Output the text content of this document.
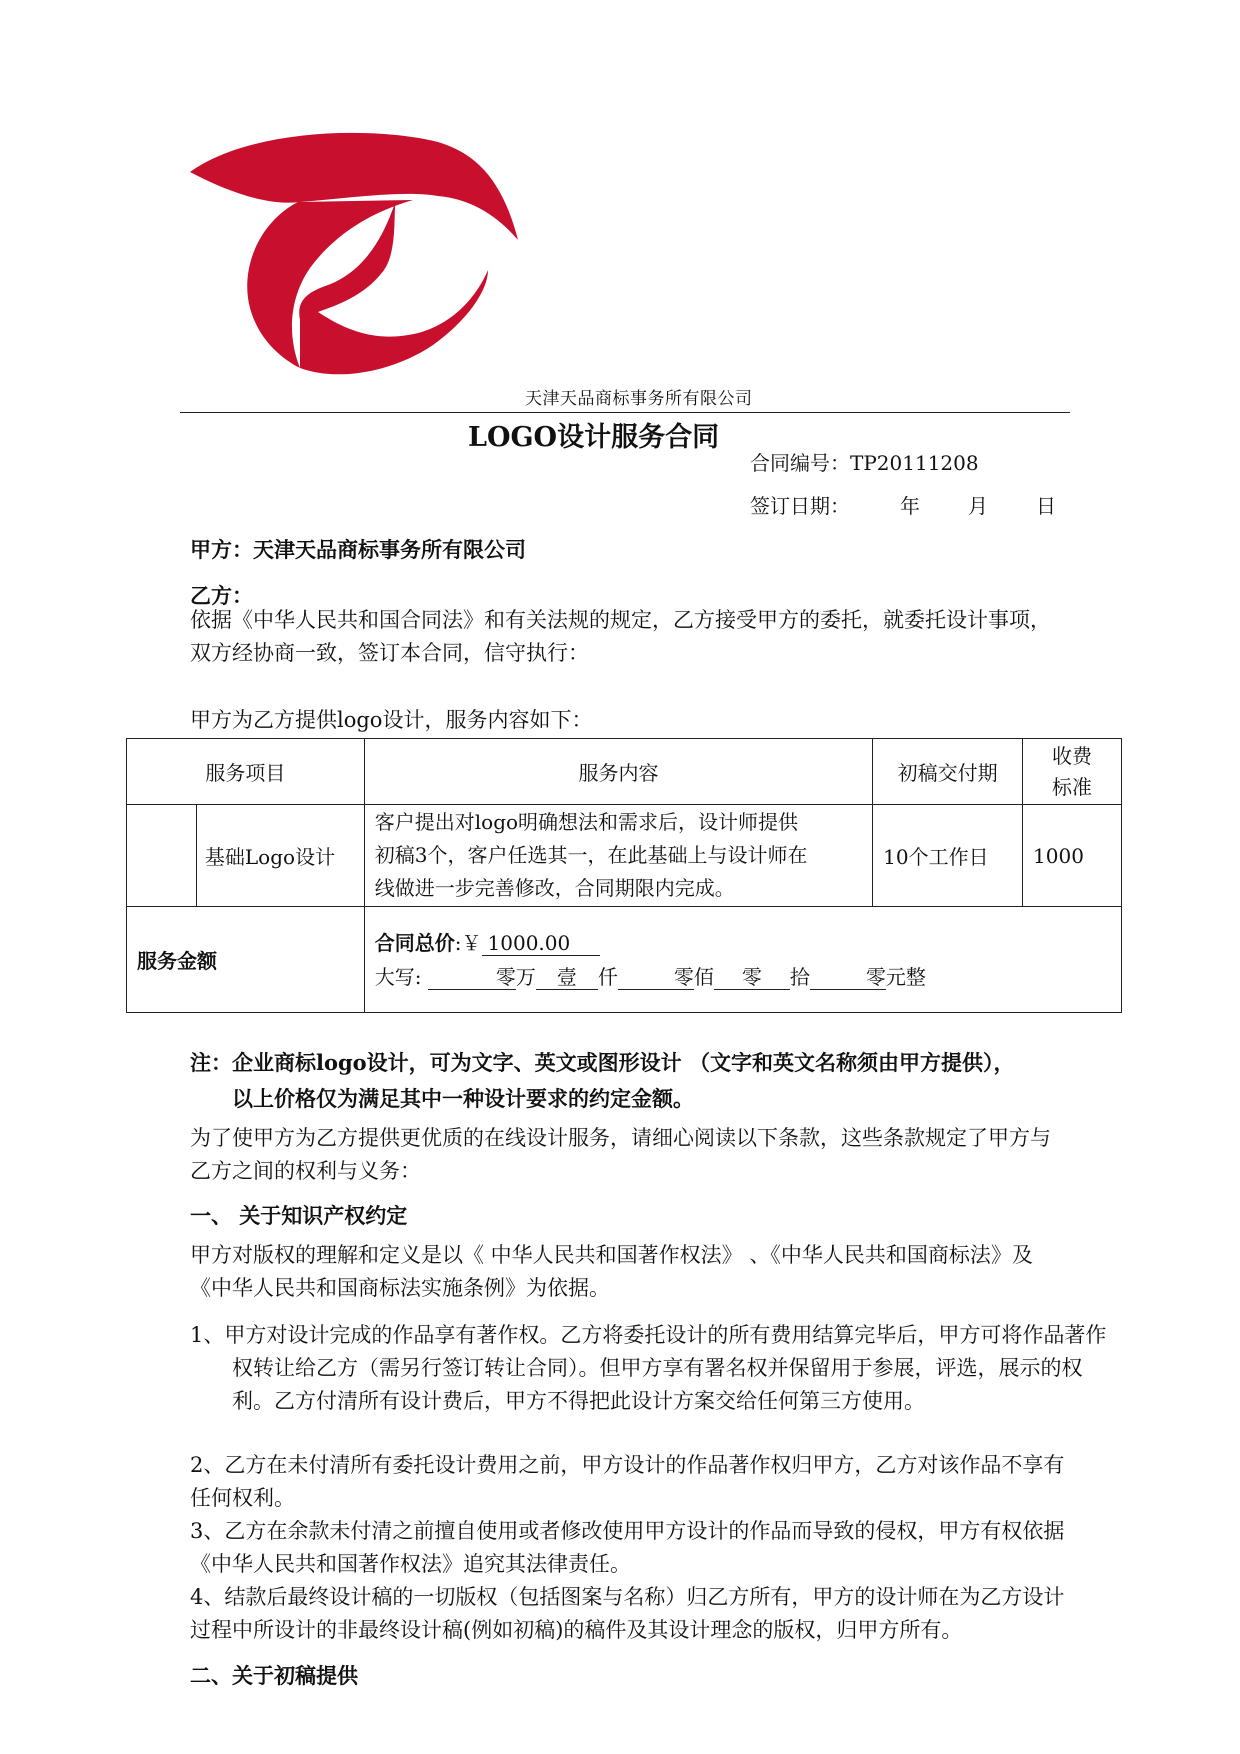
天津天品商标事务所有限公司
LOGO设计服务合同
合同编号：TP20111208
签订日期：	年 月 日
甲方：天津天品商标事务所有限公司
乙方：

依据《中华人民共和国合同法》和有关法规的规定，乙方接受甲方的委托，就委托设计事项，双方经协商一致，签订本合同，信守执行：

甲方为乙方提供logo设计，服务内容如下：

服务项目		服务内容	初稿交付期	收费
标准
	基础Logo设计	客户提出对logo明确想法和需求后，设计师提供
初稿3个，客户任选其一，在此基础上与设计师在
线做进一步完善修改，合同期限内完成。	10个工作日	1000
服务金额		合同总价:￥ 1000.00
大写: 零万 壹 仟 零佰 零 拾 零元整		
注：企业商标logo设计，可为文字、英文或图形设计 （文字和英文名称须由甲方提供），
以上价格仅为满足其中一种设计要求的约定金额。

为了使甲方为乙方提供更优质的在线设计服务，请细心阅读以下条款，这些条款规定了甲方与乙方之间的权利与义务：

一、 关于知识产权约定

甲方对版权的理解和定义是以《 中华人民共和国著作权法》 、《中华人民共和国商标法》及《中华人民共和国商标法实施条例》为依据。

1、甲方对设计完成的作品享有著作权。乙方将委托设计的所有费用结算完毕后，甲方可将作品著作权转让给乙方（需另行签订转让合同）。但甲方享有署名权并保留用于参展，评选，展示的权利。乙方付清所有设计费后，甲方不得把此设计方案交给任何第三方使用。

2、乙方在未付清所有委托设计费用之前，甲方设计的作品著作权归甲方，乙方对该作品不享有任何权利。

3、乙方在余款未付清之前擅自使用或者修改使用甲方设计的作品而导致的侵权，甲方有权依据《中华人民共和国著作权法》追究其法律责任。

4、结款后最终设计稿的一切版权（包括图案与名称）归乙方所有，甲方的设计师在为乙方设计过程中所设计的非最终设计稿(例如初稿)的稿件及其设计理念的版权，归甲方所有。

二、关于初稿提供
